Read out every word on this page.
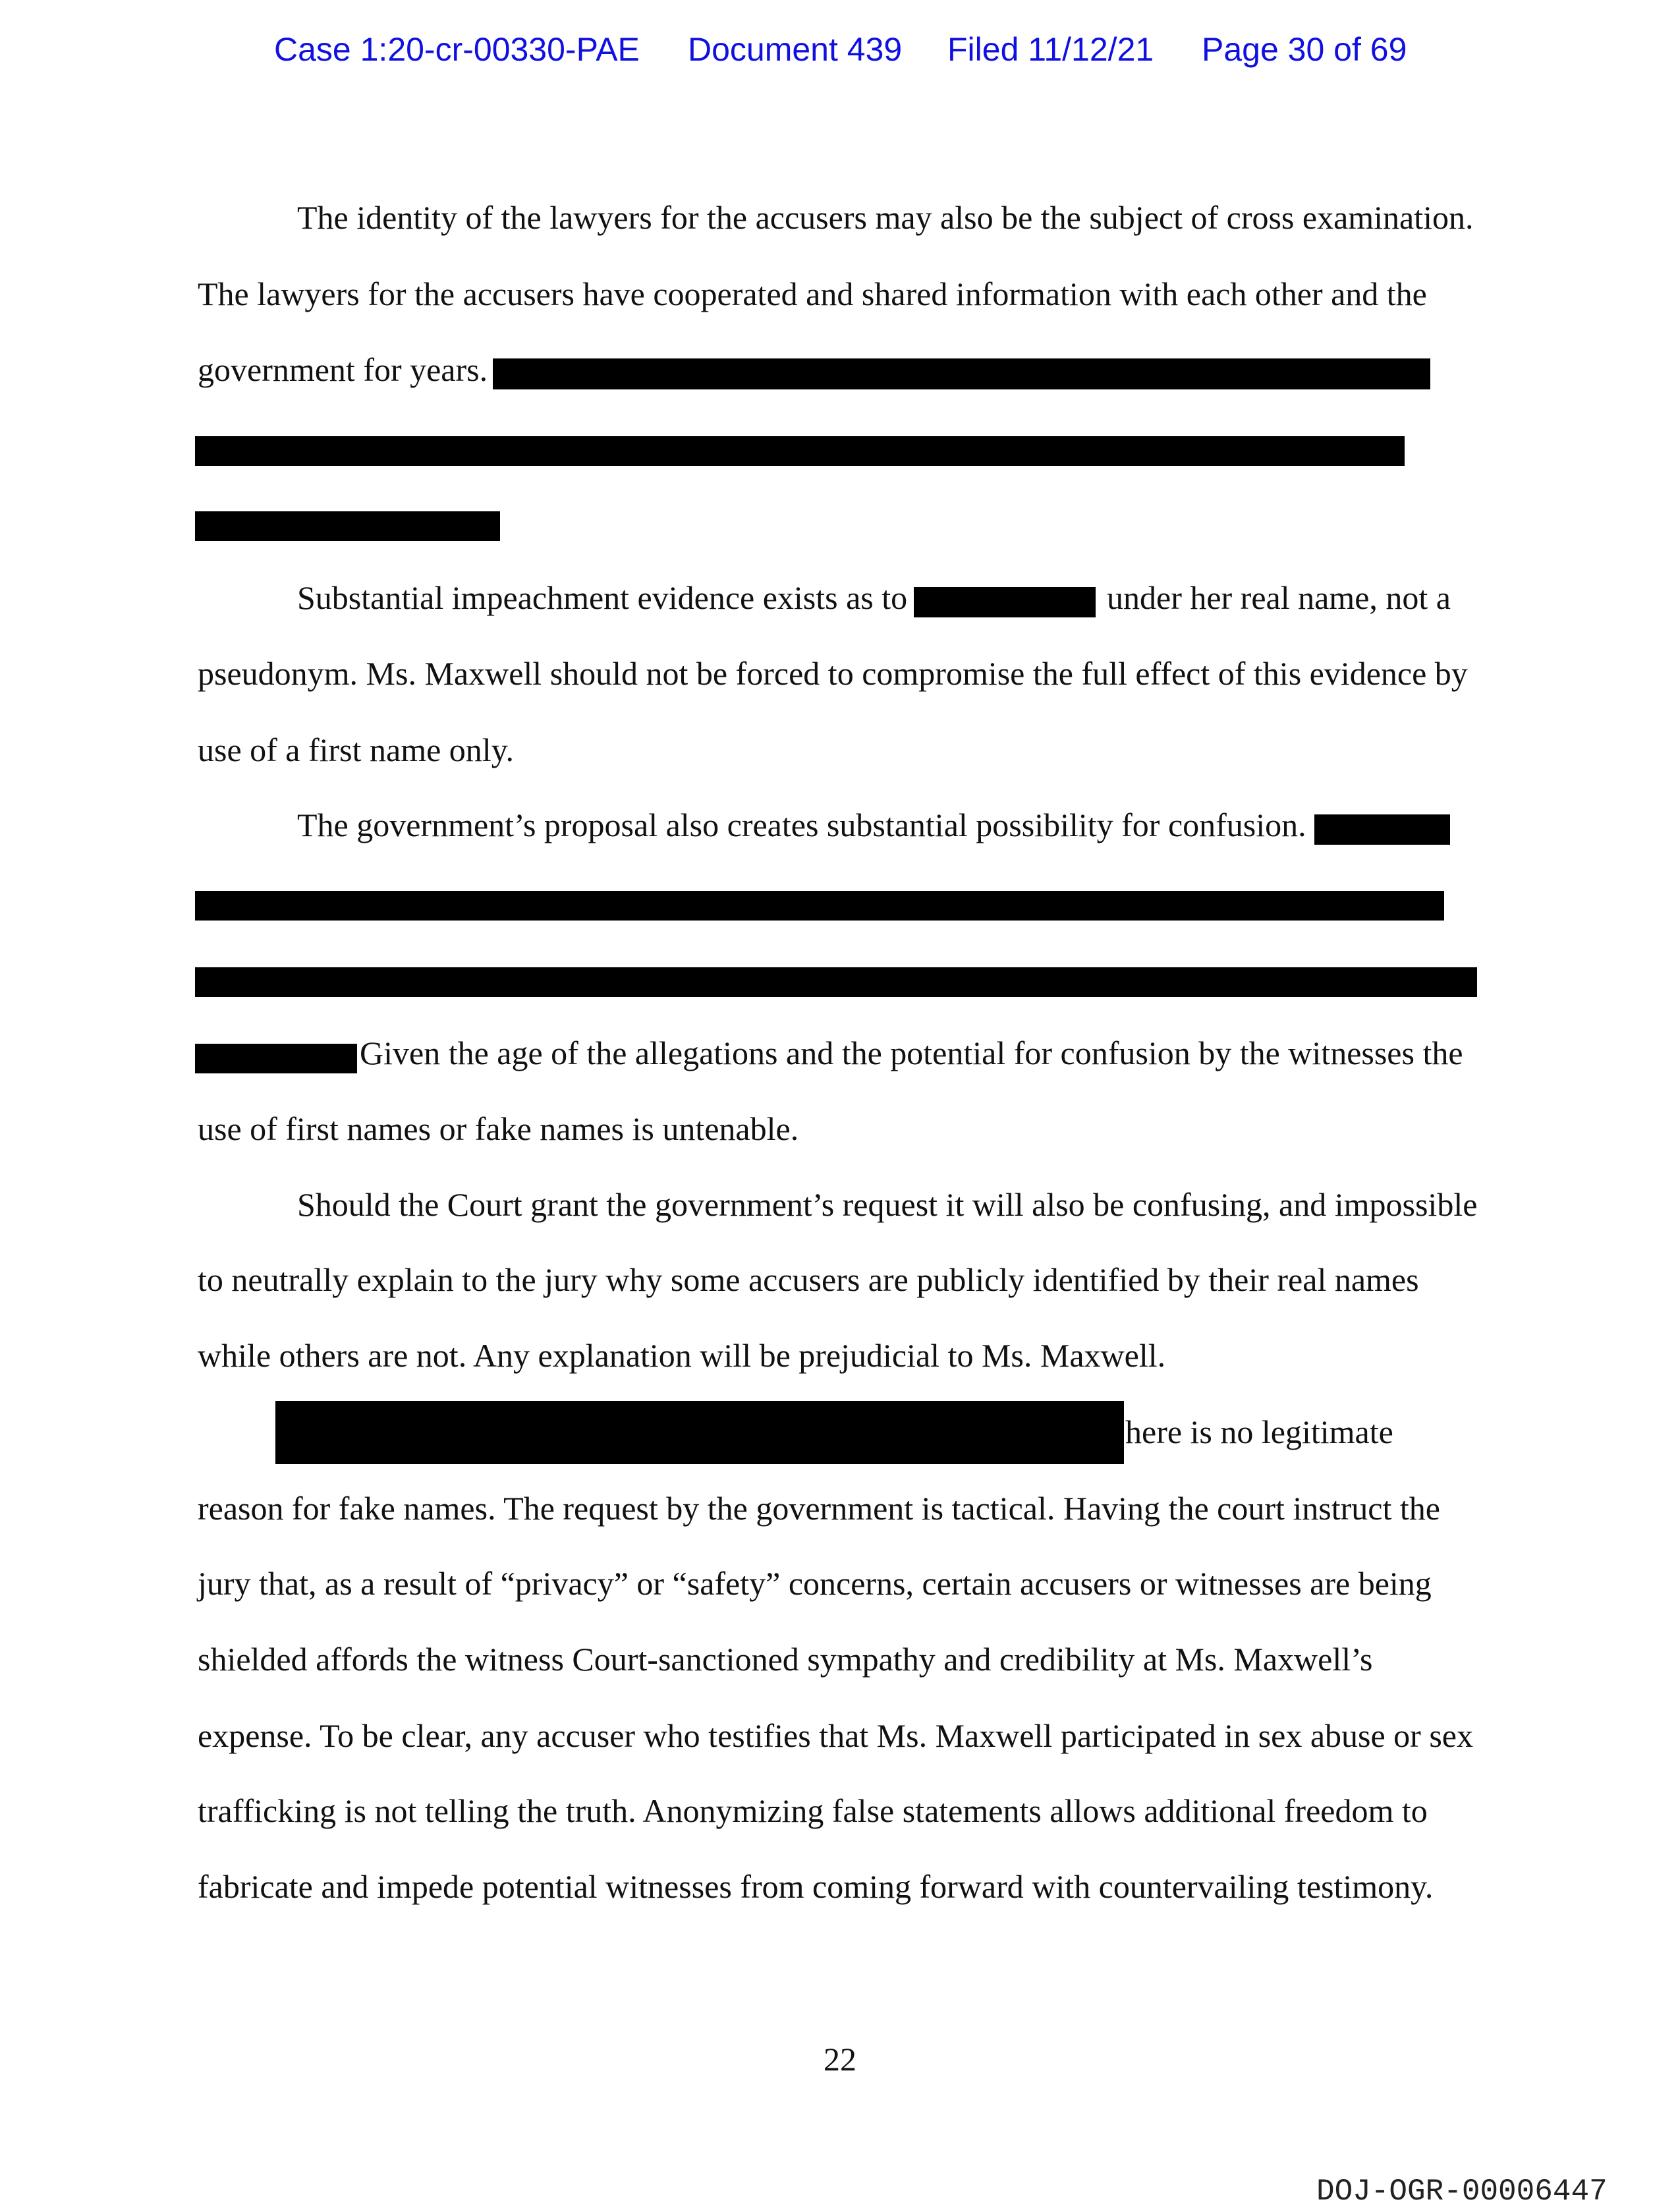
Case 1:20-cr-00330-PAE Document 439 Filed 11/12/21 Page 30 of 69
The identity of the lawyers for the accusers may also be the subject of cross examination.
The lawyers for the accusers have cooperated and shared information with each other and the
government for years.
Substantial impeachment evidence exists as to	under her real name, not a
pseudonym. Ms. Maxwell should not be forced to compromise the full effect of this evidence by
use of a first name only.
The government’s proposal also creates substantial possibility for confusion.
Given the age of the allegations and the potential for confusion by the witnesses the
use of first names or fake names is untenable.
Should the Court grant the government’s request it will also be confusing, and impossible
to neutrally explain to the jury why some accusers are publicly identified by their real names
while others are not. Any explanation will be prejudicial to Ms. Maxwell.
here is no legitimate
reason for fake names. The request by the government is tactical. Having the court instruct the
jury that, as a result of “privacy” or “safety” concerns, certain accusers or witnesses are being
shielded affords the witness Court-sanctioned sympathy and credibility at Ms. Maxwell’s
expense. To be clear, any accuser who testifies that Ms. Maxwell participated in sex abuse or sex
trafficking is not telling the truth. Anonymizing false statements allows additional freedom to
fabricate and impede potential witnesses from coming forward with countervailing testimony.
22
DOJ-OGR-00006447
